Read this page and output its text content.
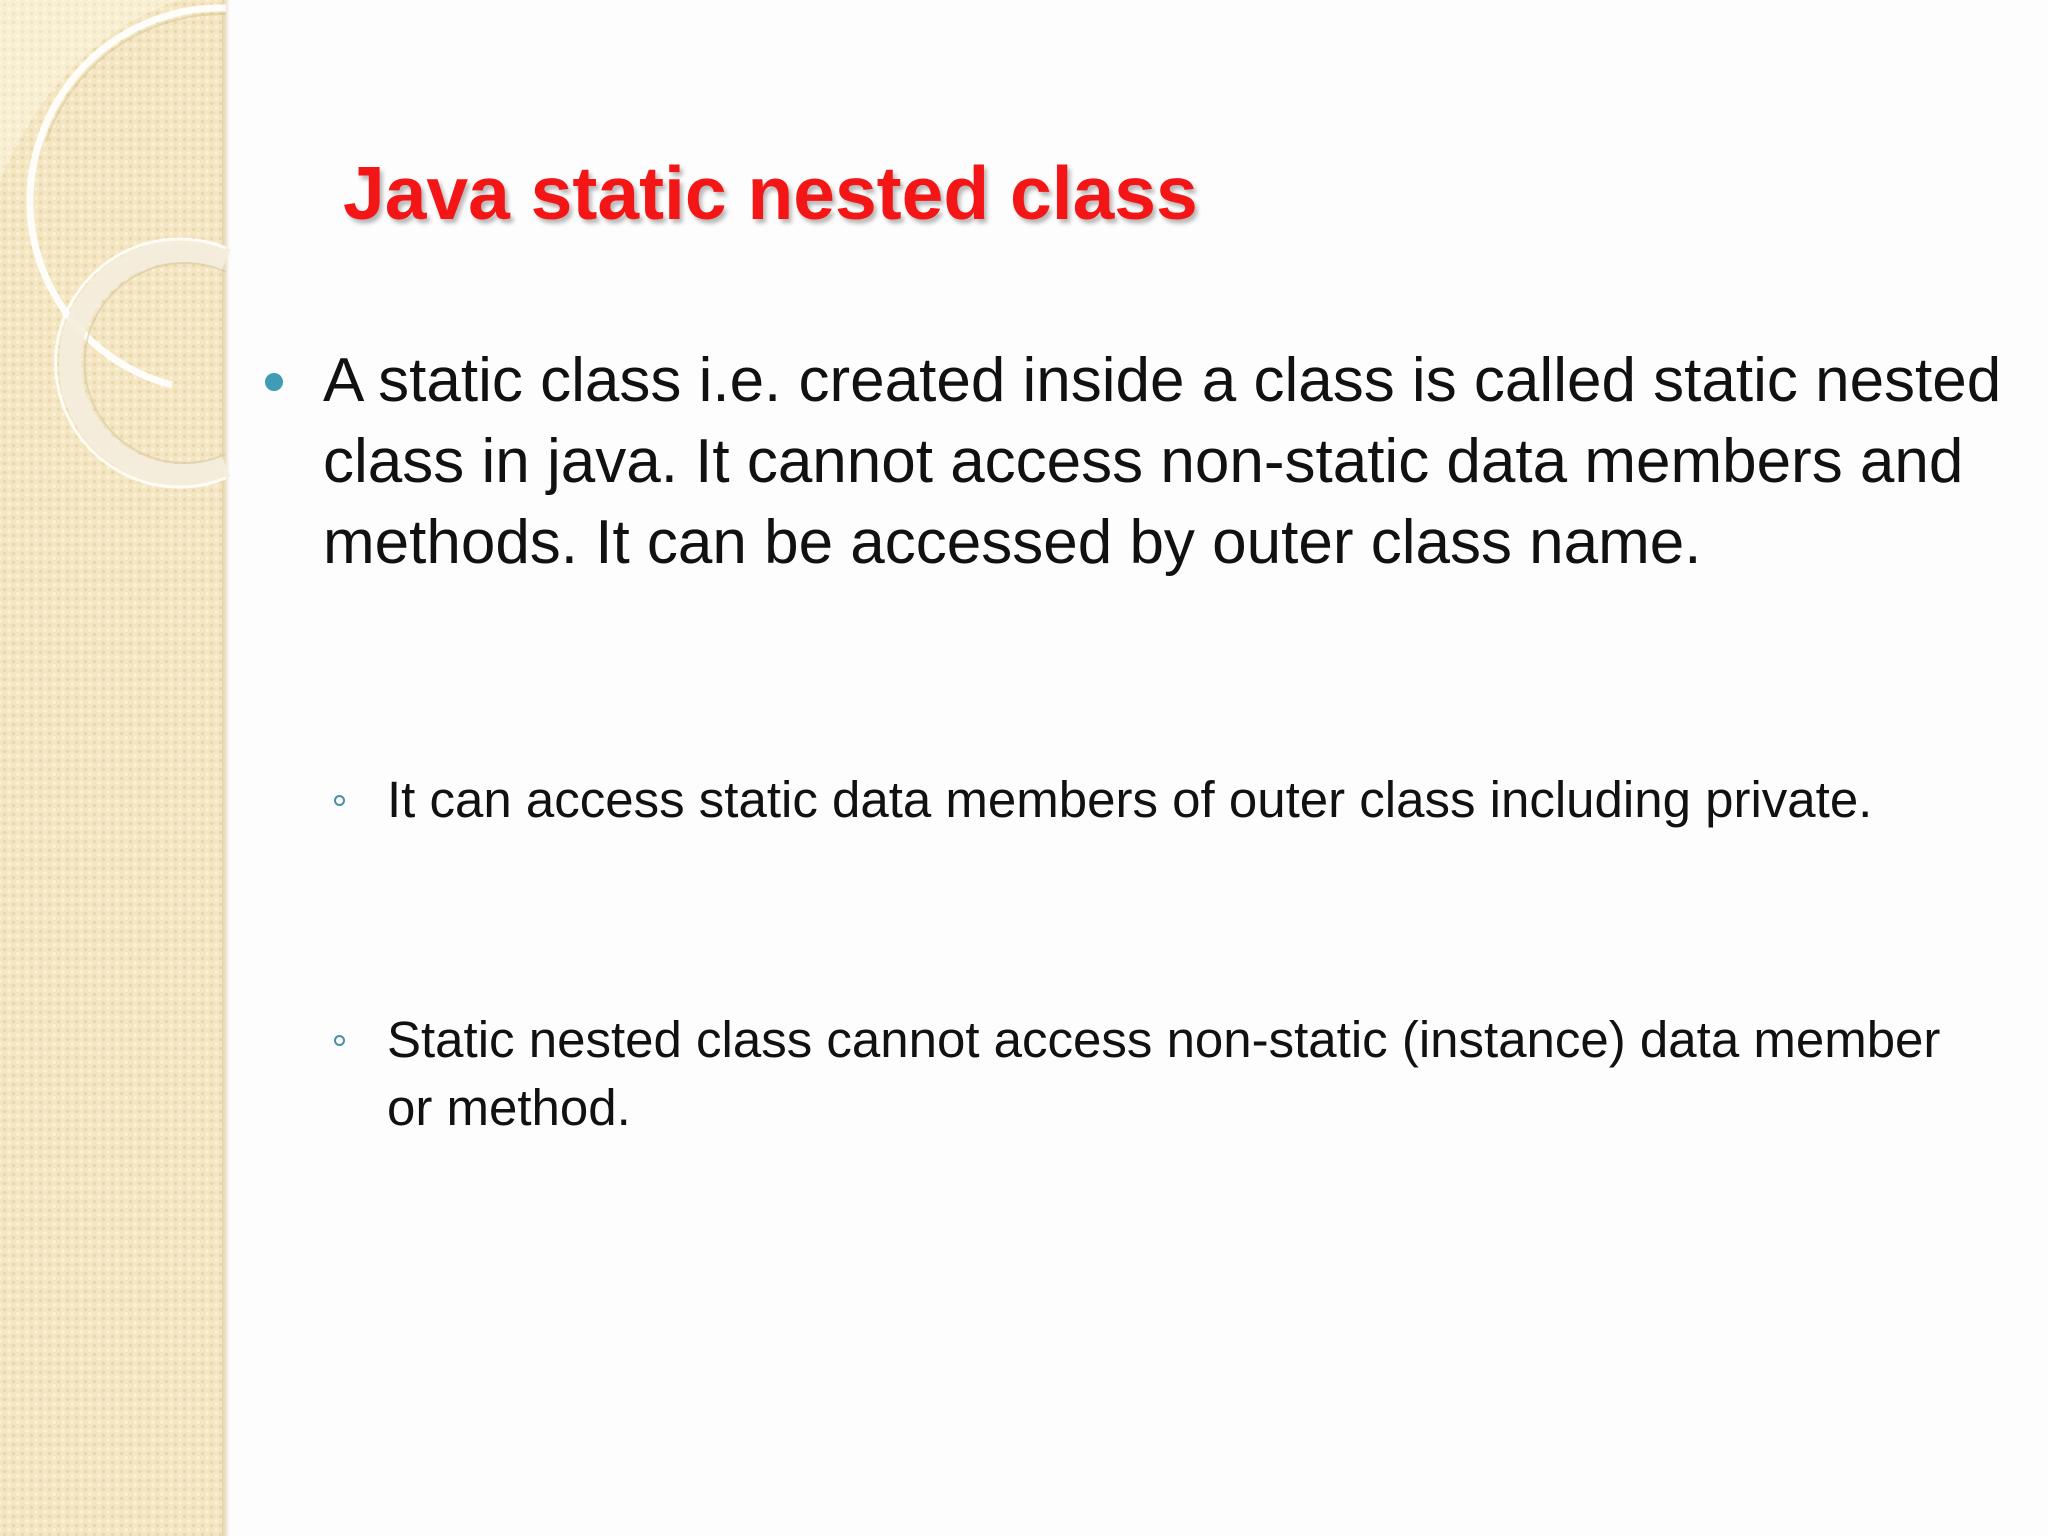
Java static nested class
A static class i.e. created inside a class is called static nested class in java. It cannot access non-static data members and methods. It can be accessed by outer class name.
It can access static data members of outer class including private.
Static nested class cannot access non-static (instance) data member or method.
